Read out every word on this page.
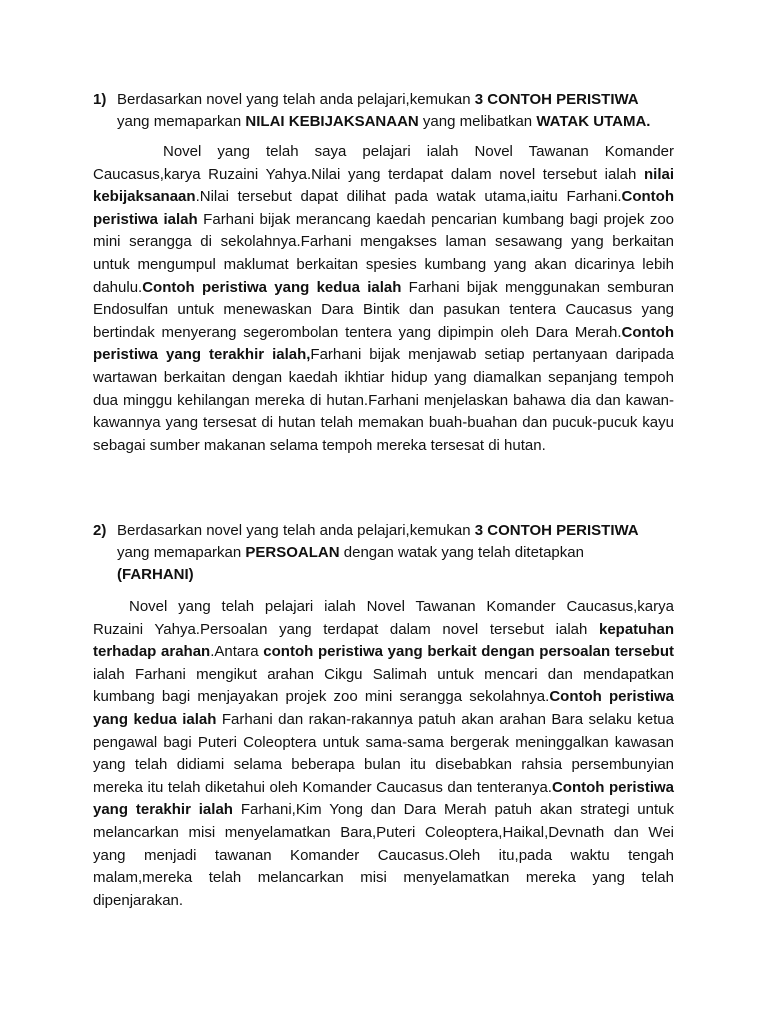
1) Berdasarkan novel yang telah anda pelajari,kemukan 3 CONTOH PERISTIWA
yang memaparkan NILAI KEBIJAKSANAAN yang melibatkan WATAK UTAMA.

Novel yang telah saya pelajari ialah Novel Tawanan Komander Caucasus,karya Ruzaini Yahya.Nilai yang terdapat dalam novel tersebut ialah nilai kebijaksanaan.Nilai tersebut dapat dilihat pada watak utama,iaitu Farhani.Contoh peristiwa ialah Farhani bijak merancang kaedah pencarian kumbang bagi projek zoo mini serangga di sekolahnya.Farhani mengakses laman sesawang yang berkaitan untuk mengumpul maklumat berkaitan spesies kumbang yang akan dicarinya lebih dahulu.Contoh peristiwa yang kedua ialah Farhani bijak menggunakan semburan Endosulfan untuk menewaskan Dara Bintik dan pasukan tentera Caucasus yang bertindak menyerang segerombolan tentera yang dipimpin oleh Dara Merah.Contoh peristiwa yang terakhir ialah,Farhani bijak menjawab setiap pertanyaan daripada wartawan berkaitan dengan kaedah ikhtiar hidup yang diamalkan sepanjang tempoh dua minggu kehilangan mereka di hutan.Farhani menjelaskan bahawa dia dan kawan-kawannya yang tersesat di hutan telah memakan buah-buahan dan pucuk-pucuk kayu sebagai sumber makanan selama tempoh mereka tersesat di hutan.

2) Berdasarkan novel yang telah anda pelajari,kemukan 3 CONTOH PERISTIWA
yang memaparkan PERSOALAN dengan watak yang telah ditetapkan
(FARHANI)

Novel yang telah pelajari ialah Novel Tawanan Komander Caucasus,karya Ruzaini Yahya.Persoalan yang terdapat dalam novel tersebut ialah kepatuhan terhadap arahan.Antara contoh peristiwa yang berkait dengan persoalan tersebut ialah Farhani mengikut arahan Cikgu Salimah untuk mencari dan mendapatkan kumbang bagi menjayakan projek zoo mini serangga sekolahnya.Contoh peristiwa yang kedua ialah Farhani dan rakan-rakannya patuh akan arahan Bara selaku ketua pengawal bagi Puteri Coleoptera untuk sama-sama bergerak meninggalkan kawasan yang telah didiami selama beberapa bulan itu disebabkan rahsia persembunyian mereka itu telah diketahui oleh Komander Caucasus dan tenteranya.Contoh peristiwa yang terakhir ialah Farhani,Kim Yong dan Dara Merah patuh akan strategi untuk melancarkan misi menyelamatkan Bara,Puteri Coleoptera,Haikal,Devnath dan Wei yang menjadi tawanan Komander Caucasus.Oleh itu,pada waktu tengah malam,mereka telah melancarkan misi menyelamatkan mereka yang telah dipenjarakan.
